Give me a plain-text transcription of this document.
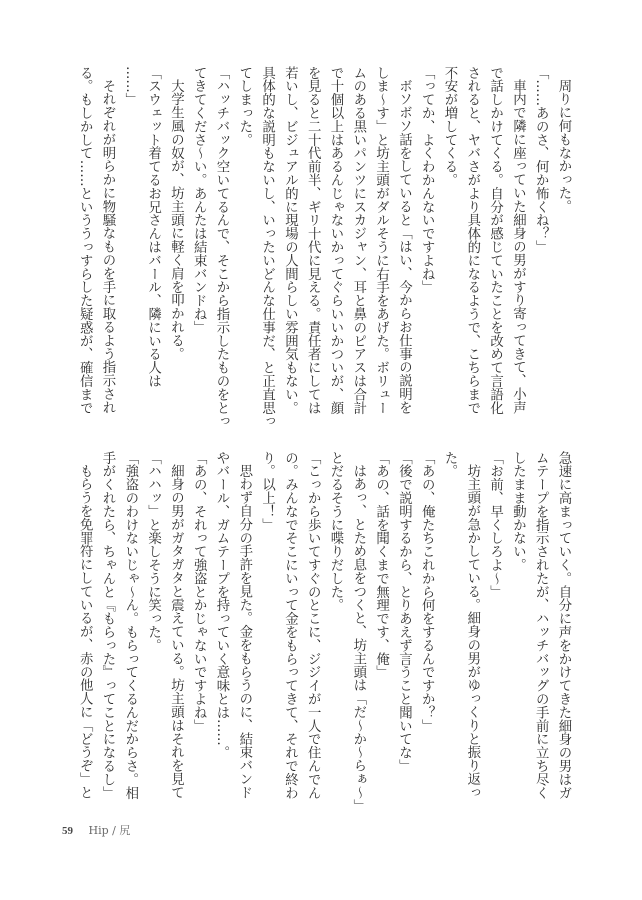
周りに何もなかった。
「……あのさ、何か怖くね？」
車内で隣に座っていた細身の男がすり寄ってきて、小声
で話しかけてくる。自分が感じていたことを改めて言語化
されると、ヤバさがより具体的になるようで、こちらまで
不安が増してくる。
「ってか、よくわかんないですよね」
ボソボソ話をしていると「はい、今からお仕事の説明を
しま～す」と坊主頭がダルそうに右手をあげた。ボリュー
ムのある黒いパンツにスカジャン、耳と鼻のピアスは合計
で十個以上はあるんじゃないかってぐらいいかついが、顔
を見ると二十代前半、ギリ十代に見える。責任者にしては
若いし、ビジュアル的に現場の人間らしい雰囲気もない。
具体的な説明もないし、いったいどんな仕事だ、と正直思っ
てしまった。
「ハッチバック空いてるんで、そこから指示したものをとっ
てきてくださ～い。あんたは結束バンドね」
大学生風の奴が、坊主頭に軽く肩を叩かれる。
「スウェット着てるお兄さんはバール、隣にいる人は
……」
それぞれが明らかに物騒なものを手に取るよう指示され
る。もしかして……といううっすらした疑惑が、確信まで
急速に高まっていく。自分に声をかけてきた細身の男はガ
ムテープを指示されたが、ハッチバッグの手前に立ち尽く
したまま動かない。
「お前、早くしろよ～」
坊主頭が急かしている。細身の男がゆっくりと振り返っ
た。
「あの、俺たちこれから何をするんですか？」
「後で説明するから、とりあえず言うこと聞いてな」
「あの、話を聞くまで無理です、俺」
はあっ、とため息をつくと、坊主頭は「だ～か～らぁ～」
とだるそうに喋りだした。
「こっから歩いてすぐのとこに、ジジイが一人で住んでん
の。みんなでそこにいって金をもらってきて、それで終わ
り。以上！」
思わず自分の手許を見た。金をもらうのに、結束バンド
やバール、ガムテープを持っていく意味とは……。
「あの、それって強盗とかじゃないですよね」
細身の男がガタガタと震えている。坊主頭はそれを見て
「ハハッ」と楽しそうに笑った。
「強盗のわけないじゃ～ん。もらってくるんだからさ。相
手がくれたら、ちゃんと『もらった』ってことになるし」
もらうを免罪符にしているが、赤の他人に「どうぞ」と
59 Hip / 尻
